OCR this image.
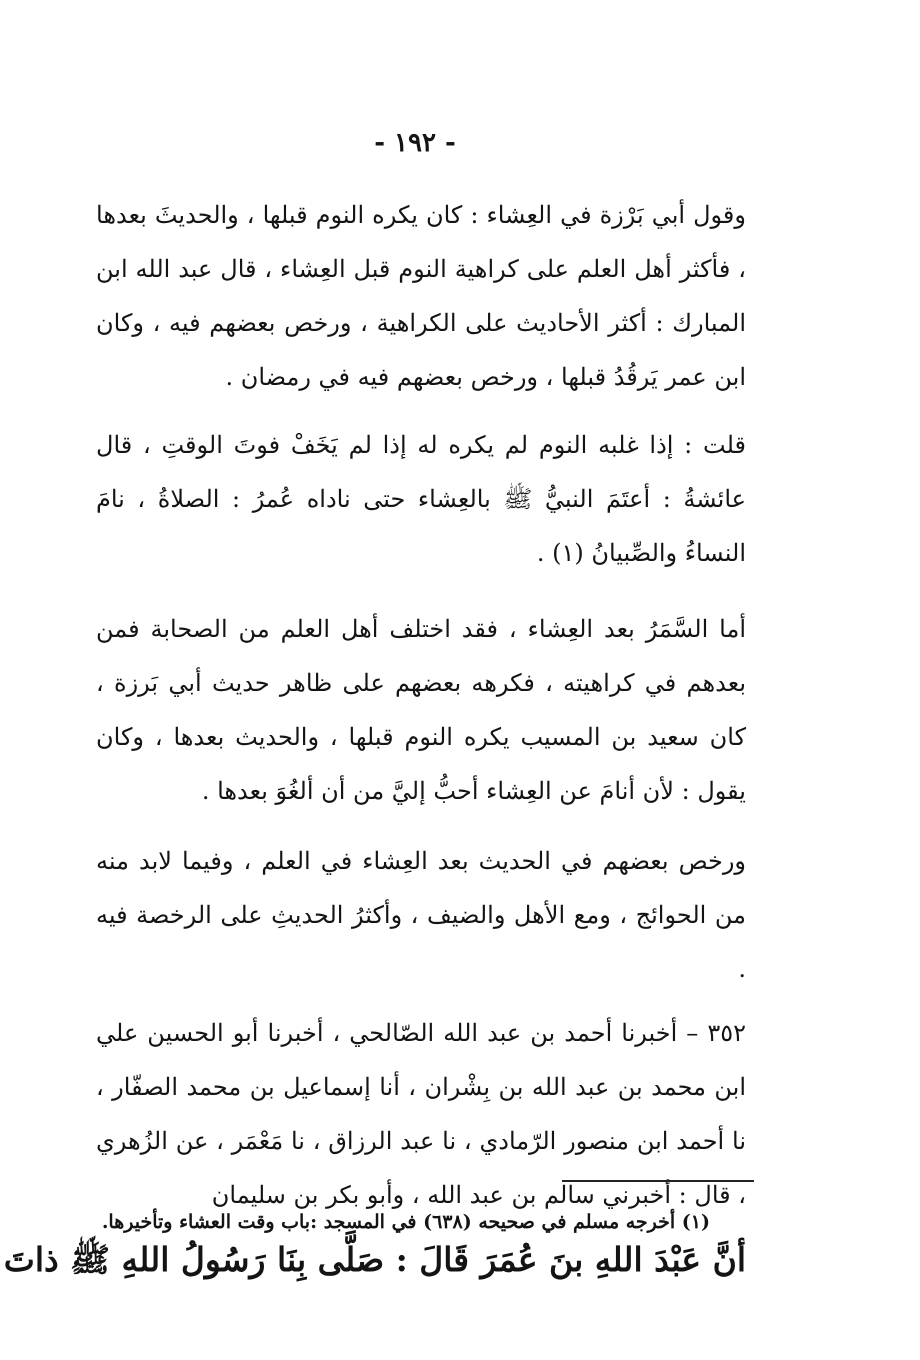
- ١٩٢ -

وقول أبي بَرْزة في العِشاء : كان يكره النوم قبلها ، والحديثَ بعدها ، فأكثر أهل العلم على كراهية النوم قبل العِشاء ، قال عبد الله ابن المبارك : أكثر الأحاديث على الكراهية ، ورخص بعضهم فيه ، وكان ابن عمر يَرقُدُ قبلها ، ورخص بعضهم فيه في رمضان .

قلت : إذا غلبه النوم لم يكره له إذا لم يَخَفْ فوتَ الوقتِ ، قال عائشةُ : أعتَمَ النبيُّ ﷺ بالعِشاء حتى ناداه عُمرُ : الصلاةُ ، نامَ النساءُ والصِّبيانُ (١) .

أما السَّمَرُ بعد العِشاء ، فقد اختلف أهل العلم من الصحابة فمن بعدهم في كراهيته ، فكرهه بعضهم على ظاهر حديث أبي بَرزة ، كان سعيد بن المسيب يكره النوم قبلها ، والحديث بعدها ، وكان يقول : لأن أنامَ عن العِشاء أحبُّ إليَّ من أن ألغُوَ بعدها .

ورخص بعضهم في الحديث بعد العِشاء في العلم ، وفيما لابد منه من الحوائج ، ومع الأهل والضيف ، وأكثرُ الحديثِ على الرخصة فيه .

٣٥٢ – أخبرنا أحمد بن عبد الله الصّالحي ، أخبرنا أبو الحسين علي ابن محمد بن عبد الله بن بِشْران ، أنا إسماعيل بن محمد الصفّار ، نا أحمد ابن منصور الرّمادي ، نا عبد الرزاق ، نا مَعْمَر ، عن الزُهري ، قال : أخبرني سالم بن عبد الله ، وأبو بكر بن سليمان

أنَّ عَبْدَ اللهِ بنَ عُمَرَ قَالَ : صَلَّى بِنَا رَسُولُ اللهِ ﷺ ذاتَ
(١) أخرجه مسلم في صحيحه (٦٣٨) في المسجد :باب وقت العشاء وتأخيرها.
